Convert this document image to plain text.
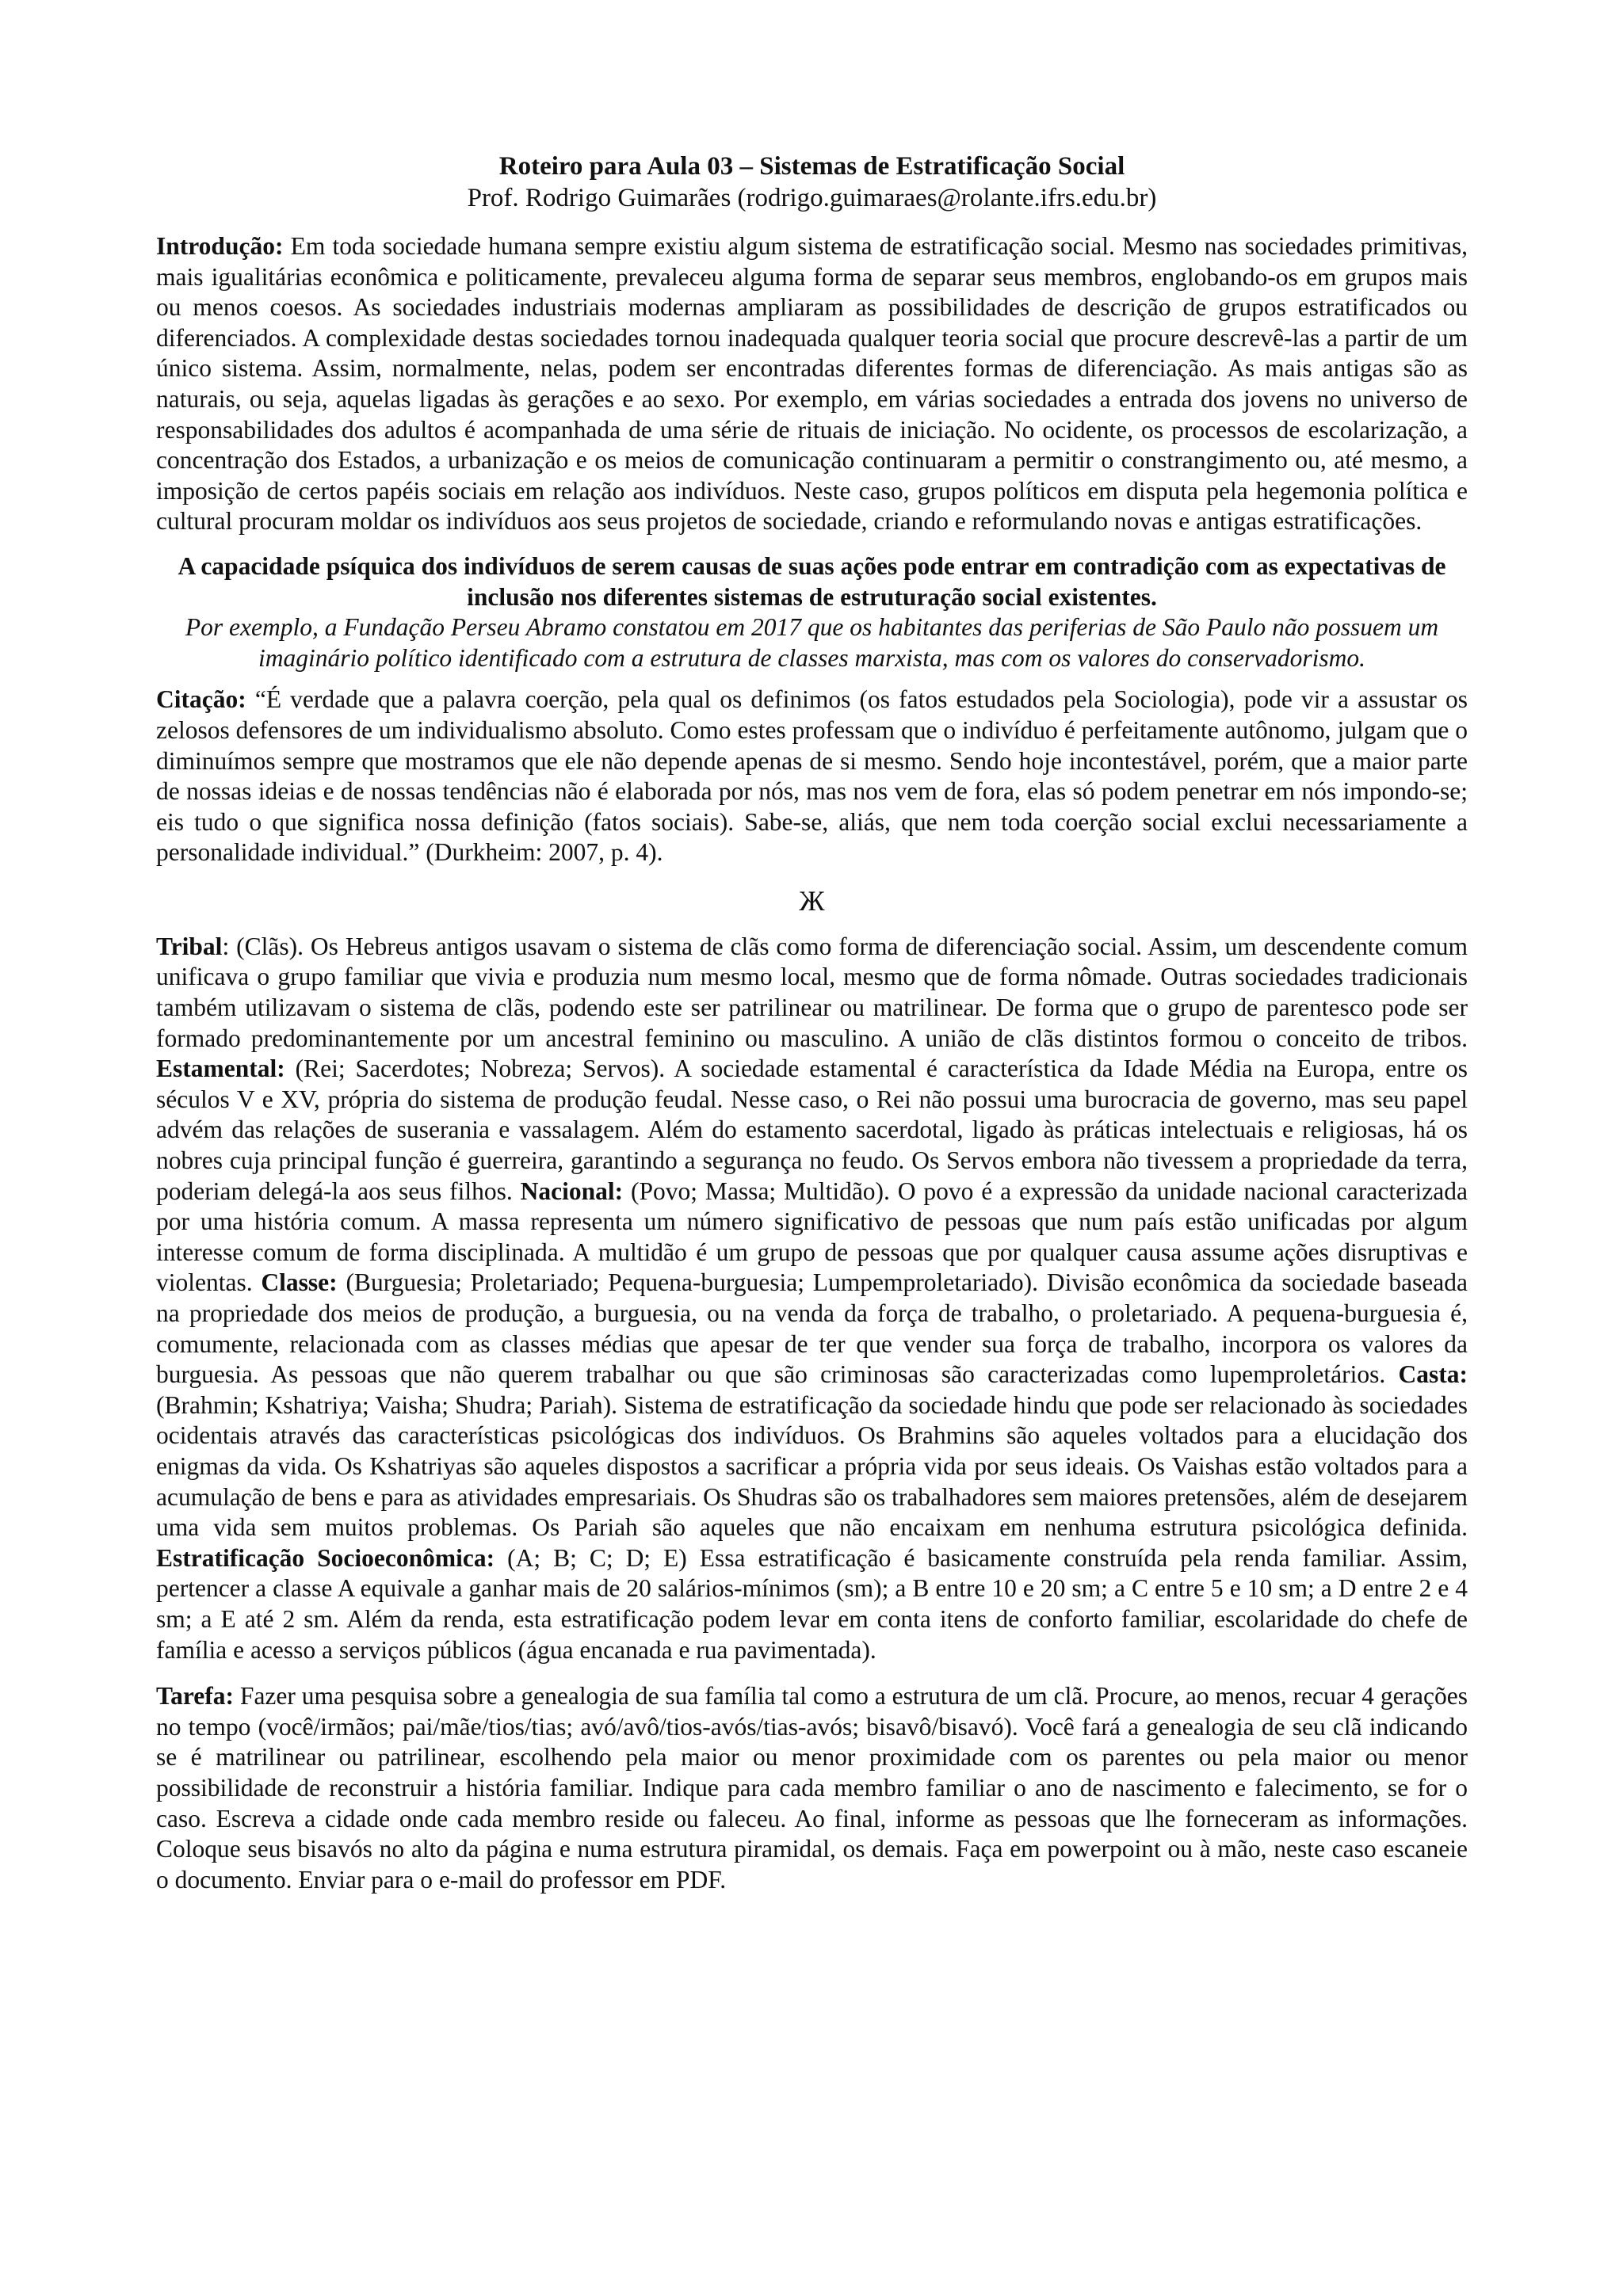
Roteiro para Aula 03 – Sistemas de Estratificação Social
Prof. Rodrigo Guimarães (rodrigo.guimaraes@rolante.ifrs.edu.br)

Introdução: Em toda sociedade humana sempre existiu algum sistema de estratificação social. Mesmo nas sociedades primitivas, mais igualitárias econômica e politicamente, prevaleceu alguma forma de separar seus membros, englobando-os em grupos mais ou menos coesos. As sociedades industriais modernas ampliaram as possibilidades de descrição de grupos estratificados ou diferenciados. A complexidade destas sociedades tornou inadequada qualquer teoria social que procure descrevê-las a partir de um único sistema. Assim, normalmente, nelas, podem ser encontradas diferentes formas de diferenciação. As mais antigas são as naturais, ou seja, aquelas ligadas às gerações e ao sexo. Por exemplo, em várias sociedades a entrada dos jovens no universo de responsabilidades dos adultos é acompanhada de uma série de rituais de iniciação. No ocidente, os processos de escolarização, a concentração dos Estados, a urbanização e os meios de comunicação continuaram a permitir o constrangimento ou, até mesmo, a imposição de certos papéis sociais em relação aos indivíduos. Neste caso, grupos políticos em disputa pela hegemonia política e cultural procuram moldar os indivíduos aos seus projetos de sociedade, criando e reformulando novas e antigas estratificações.

A capacidade psíquica dos indivíduos de serem causas de suas ações pode entrar em contradição com as expectativas de inclusão nos diferentes sistemas de estruturação social existentes.
Por exemplo, a Fundação Perseu Abramo constatou em 2017 que os habitantes das periferias de São Paulo não possuem um imaginário político identificado com a estrutura de classes marxista, mas com os valores do conservadorismo.

Citação: “É verdade que a palavra coerção, pela qual os definimos (os fatos estudados pela Sociologia), pode vir a assustar os zelosos defensores de um individualismo absoluto. Como estes professam que o indivíduo é perfeitamente autônomo, julgam que o diminuímos sempre que mostramos que ele não depende apenas de si mesmo. Sendo hoje incontestável, porém, que a maior parte de nossas ideias e de nossas tendências não é elaborada por nós, mas nos vem de fora, elas só podem penetrar em nós impondo-se; eis tudo o que significa nossa definição (fatos sociais). Sabe-se, aliás, que nem toda coerção social exclui necessariamente a personalidade individual.” (Durkheim: 2007, p. 4).

Ж

Tribal: (Clãs). Os Hebreus antigos usavam o sistema de clãs como forma de diferenciação social. Assim, um descendente comum unificava o grupo familiar que vivia e produzia num mesmo local, mesmo que de forma nômade. Outras sociedades tradicionais também utilizavam o sistema de clãs, podendo este ser patrilinear ou matrilinear. De forma que o grupo de parentesco pode ser formado predominantemente por um ancestral feminino ou masculino. A união de clãs distintos formou o conceito de tribos. Estamental: (Rei; Sacerdotes; Nobreza; Servos). A sociedade estamental é característica da Idade Média na Europa, entre os séculos V e XV, própria do sistema de produção feudal. Nesse caso, o Rei não possui uma burocracia de governo, mas seu papel advém das relações de suserania e vassalagem. Além do estamento sacerdotal, ligado às práticas intelectuais e religiosas, há os nobres cuja principal função é guerreira, garantindo a segurança no feudo. Os Servos embora não tivessem a propriedade da terra, poderiam delegá-la aos seus filhos. Nacional: (Povo; Massa; Multidão). O povo é a expressão da unidade nacional caracterizada por uma história comum. A massa representa um número significativo de pessoas que num país estão unificadas por algum interesse comum de forma disciplinada. A multidão é um grupo de pessoas que por qualquer causa assume ações disruptivas e violentas. Classe: (Burguesia; Proletariado; Pequena-burguesia; Lumpemproletariado). Divisão econômica da sociedade baseada na propriedade dos meios de produção, a burguesia, ou na venda da força de trabalho, o proletariado. A pequena-burguesia é, comumente, relacionada com as classes médias que apesar de ter que vender sua força de trabalho, incorpora os valores da burguesia. As pessoas que não querem trabalhar ou que são criminosas são caracterizadas como lupemproletários. Casta: (Brahmin; Kshatriya; Vaisha; Shudra; Pariah). Sistema de estratificação da sociedade hindu que pode ser relacionado às sociedades ocidentais através das características psicológicas dos indivíduos. Os Brahmins são aqueles voltados para a elucidação dos enigmas da vida. Os Kshatriyas são aqueles dispostos a sacrificar a própria vida por seus ideais. Os Vaishas estão voltados para a acumulação de bens e para as atividades empresariais. Os Shudras são os trabalhadores sem maiores pretensões, além de desejarem uma vida sem muitos problemas. Os Pariah são aqueles que não encaixam em nenhuma estrutura psicológica definida. Estratificação Socioeconômica: (A; B; C; D; E) Essa estratificação é basicamente construída pela renda familiar. Assim, pertencer a classe A equivale a ganhar mais de 20 salários-mínimos (sm); a B entre 10 e 20 sm; a C entre 5 e 10 sm; a D entre 2 e 4 sm; a E até 2 sm. Além da renda, esta estratificação podem levar em conta itens de conforto familiar, escolaridade do chefe de família e acesso a serviços públicos (água encanada e rua pavimentada).

Tarefa: Fazer uma pesquisa sobre a genealogia de sua família tal como a estrutura de um clã. Procure, ao menos, recuar 4 gerações no tempo (você/irmãos; pai/mãe/tios/tias; avó/avô/tios-avós/tias-avós; bisavô/bisavó). Você fará a genealogia de seu clã indicando se é matrilinear ou patrilinear, escolhendo pela maior ou menor proximidade com os parentes ou pela maior ou menor possibilidade de reconstruir a história familiar. Indique para cada membro familiar o ano de nascimento e falecimento, se for o caso. Escreva a cidade onde cada membro reside ou faleceu. Ao final, informe as pessoas que lhe forneceram as informações. Coloque seus bisavós no alto da página e numa estrutura piramidal, os demais. Faça em powerpoint ou à mão, neste caso escaneie o documento. Enviar para o e-mail do professor em PDF.
